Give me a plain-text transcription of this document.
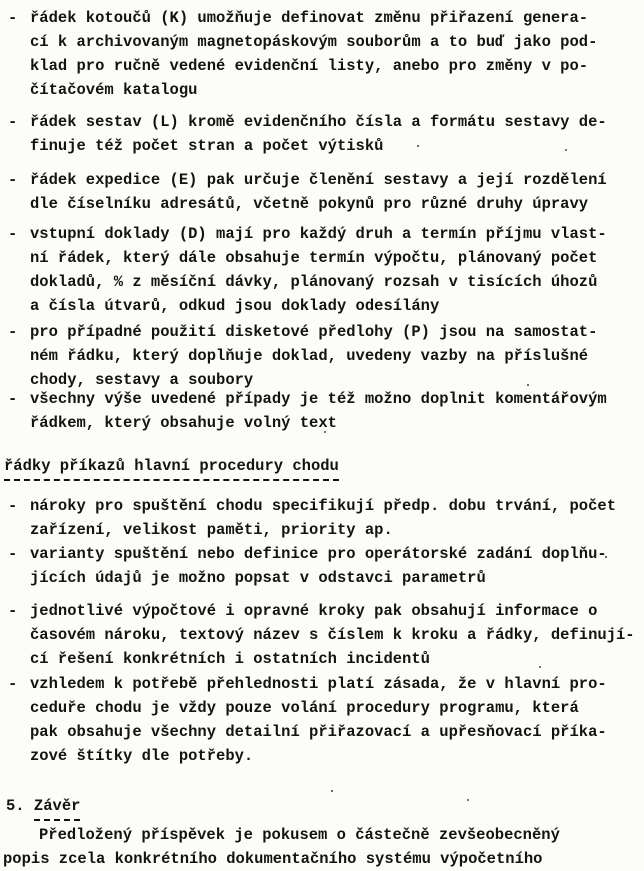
- řádek kotoučů (K) umožňuje definovat změnu přiřazení genera-
cí k archivovaným magnetopáskovým souborům a to buď jako pod-
klad pro ručně vedené evidenční listy, anebo pro změny v po-
čítačovém katalogu
- řádek sestav (L) kromě evidenčního čísla a formátu sestavy de-
finuje též počet stran a počet výtisků
- řádek expedice (E) pak určuje členění sestavy a její rozdělení
dle číselníku adresátů, včetně pokynů pro různé druhy úpravy
- vstupní doklady (D) mají pro každý druh a termín příjmu vlast-
ní řádek, který dále obsahuje termín výpočtu, plánovaný počet
dokladů, % z měsíční dávky, plánovaný rozsah v tisících úhozů
a čísla útvarů, odkud jsou doklady odesílány
- pro případné použití disketové předlohy (P) jsou na samostat-
ném řádku, který doplňuje doklad, uvedeny vazby na příslušné
chody, sestavy a soubory
- všechny výše uvedené případy je též možno doplnit komentářovým
řádkem, který obsahuje volný text
řádky příkazů hlavní procedury chodu
- nároky pro spuštění chodu specifikují předp. dobu trvání, počet
zařízení, velikost paměti, priority ap.
- varianty spuštění nebo definice pro operátorské zadání doplňu-
jících údajů je možno popsat v odstavci parametrů
- jednotlivé výpočtové i opravné kroky pak obsahují informace o
časovém nároku, textový název s číslem k kroku a řádky, definují-
cí řešení konkrétních i ostatních incidentů
- vzhledem k potřebě přehlednosti platí zásada, že v hlavní pro-
ceduře chodu je vždy pouze volání procedury programu, která
pak obsahuje všechny detailní přiřazovací a upřesňovací příka-
zové štítky dle potřeby.
5. Závěr
Předložený příspěvek je pokusem o částečně zevšeobecněný
popis zcela konkrétního dokumentačního systému výpočetního
